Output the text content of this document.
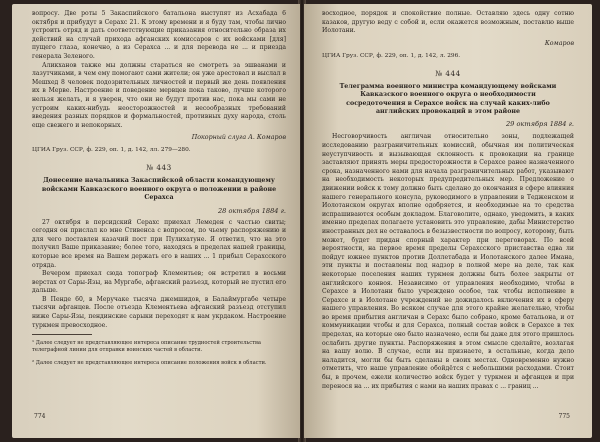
вопросу. Две роты 5 Закаспийского батальона выступят из Асхабада 6 октября и прибудут в Серахс 21. К этому времени и я буду там, чтобы лично устроить отряд и дать соответствующие приказания относительно образа их действий на случай прихода афганских комиссаров с их войсками [для] пущего глаза, конечно, а из Серахса ... и для перевода не ... и приезда генерала Зеленого.

Аликханов также мы должны стараться не смотреть за эшванами и лазутчиками, в чем ему помогают сами жители; он уже арестовал и выслал в Мешхед 8 человек подозрительных личностей и первый же день появления их в Мерве. Настроение и поведение мервцев пока таково, лучше которого нельзя желать, и я уверен, что они не будут против нас, пока мы сами не устроим каких-нибудь неосторожностей и несообразных требований введения разных порядков и формальностей, противных духу народа, столь еще свежего и непокорных.

Покорный слуга А. Комаров
ЦГИА Груз. ССР, ф. 229, оп. 1, д. 142, лл. 279—280.
№ 443
Донесение начальника Закаспийской области командующему войсками Кавказского военного округа о положении в районе Серахса
28 октября 1884 г.

27 октября в персидский Серахс приехал Лемеден с частью свиты; сегодня он прислал ко мне Стивенса с вопросом, по чьему распоряжению и для чего поставлен казачий пост при Пулихатуне. Я ответил, что на это получил Ваше приказание; более того, находясь в пределах нашей границы, которые все время на Вашем держать его в наших ... 1 прибыл Серахсского отряда.

Вечером приехал сюда топограф Клементьев; он встретил в восьми верстах от Сары-Язы, на Мургабе, афганский разъезд, который не пустил его дальше.

В Пенде 60, в Меручаке тысяча джемшидов, в Балаймургабе четыре тысячи афганцев. После отъезда Клементьева афганский разъезд отступил ниже Сары-Язы, пендинские сарыки переходят к нам укрдаком. Настроение туркмен превосходное.

¹ Далее следует не представляющее интереса описание трудностей строительства телеграфной линии для отправки воинских частей в области.

² Далее следует не представляющее интереса описание положения войск в области.

774

восходное, порядок и спокойствие полные. Оставляю здесь одну сотню казаков, другую веду с собой и, если окажется возможным, поставлю выше Иолотани.

Комаров
ЦГИА Груз. ССР, ф. 229, оп. 1, д. 142, л. 296.
№ 444
Телеграмма военного министра командующему войсками Кавказского военного округа о необходимости сосредоточения в Серахсе войск на случай каких-либо английских провокаций в этом районе
29 октября 1884 г.

Несговорчивость англичан относительно зоны, подлежащей исследованию разграничительных комиссий, обычная им политическая неуступчивость и вызывающая склонность к провокации на границе заставляют принять меры предосторожности в Серахсе ранее назначенного срока, назначенного нами для начала разграничительных работ, указывают на необходимость некоторых предупредительных мер. Предложение о движении войск к тому должно быть сделано до окончания в сфере влияния нашего генерального консула, руководимого в управлении в Тедженском и Иолотанском округах вполне одобряется, и необходимые на то средства испрашиваются особым докладом. Благоволите, однако, уведомить, в каких именно пределах полагаете установить это управление, дабы Министерство иностранных дел не оставалось в безызвестности по вопросу, которому, быть может, будет придан спорный характер при переговорах. По всей вероятности, на первое время пределы Серахсского приставства едва ли пойдут южнее пунктов против Доллетабада и Иолотанского далее Имана, эти пункты и поставлены под надзор в полной мере на деле, так как некоторые поселения наших туркмен должны быть более закрыты от английского конвоя. Независимо от управления необходимо, чтобы в Серахсе в Иолотани было учреждено особое, так чтобы исполнение в Серахсе и в Иолотане учреждений не дожидалось включения их в сферу нашего управления. Во всяком случае для этого крайне желательно, чтобы во время прибытия англичан в Серахс было собрано, кроме батальона, и от коммуникации чтобы и для Серахса, полный состав войск в Серахсе в тех пределах, на которые оно было назначено, если бы даже для этого пришлось ослабить другие пункты. Распоряжения в этом смысле сделайте, возлагая на вашу волю. В случае, если вы признаете, в остальные, когда дело наладится, могли бы быть сделаны в своих местах. Одновременно нужно отметить, что наше управление обойдётся с небольшими расходами. Стоит бы, в прочем, ежели количество войск будет у туркмен и афганцев и при перенося на ... их прибытия с нами на наших правах с ... границ ...

775
